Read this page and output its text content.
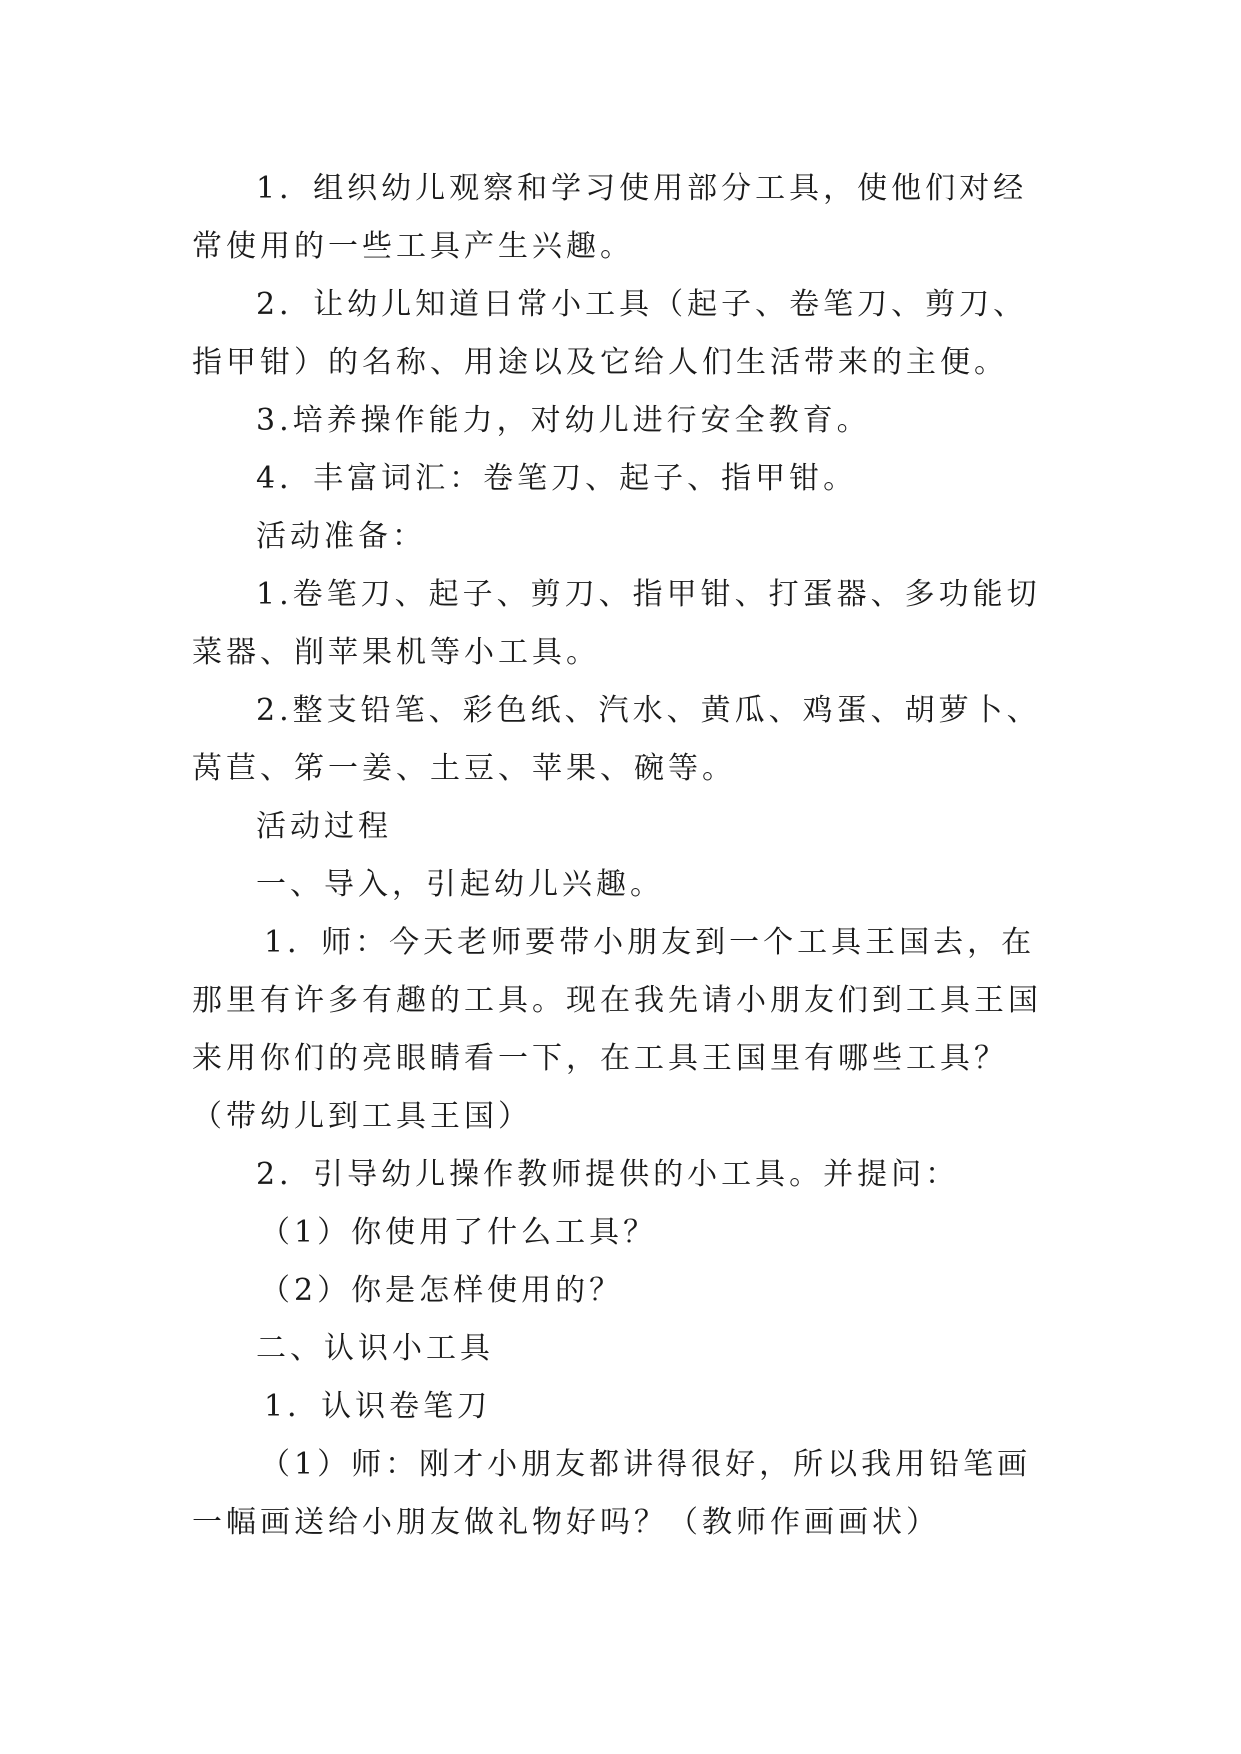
1．组织幼儿观察和学习使用部分工具，使他们对经常使用的一些工具产生兴趣。

2．让幼儿知道日常小工具（起子、卷笔刀、剪刀、指甲钳）的名称、用途以及它给人们生活带来的主便。

3.培养操作能力，对幼儿进行安全教育。

4．丰富词汇：卷笔刀、起子、指甲钳。

活动准备：

1.卷笔刀、起子、剪刀、指甲钳、打蛋器、多功能切菜器、削苹果机等小工具。

2.整支铅笔、彩色纸、汽水、黄瓜、鸡蛋、胡萝卜、莴苣、笫一姜、土豆、苹果、碗等。

活动过程

一、导入，引起幼儿兴趣。

1．师：今天老师要带小朋友到一个工具王国去，在那里有许多有趣的工具。现在我先请小朋友们到工具王国来用你们的亮眼睛看一下，在工具王国里有哪些工具？（带幼儿到工具王国）

2．引导幼儿操作教师提供的小工具。并提问：

（1）你使用了什么工具？

（2）你是怎样使用的？

二、认识小工具

1．认识卷笔刀

（1）师：刚才小朋友都讲得很好，所以我用铅笔画一幅画送给小朋友做礼物好吗？（教师作画画状）
